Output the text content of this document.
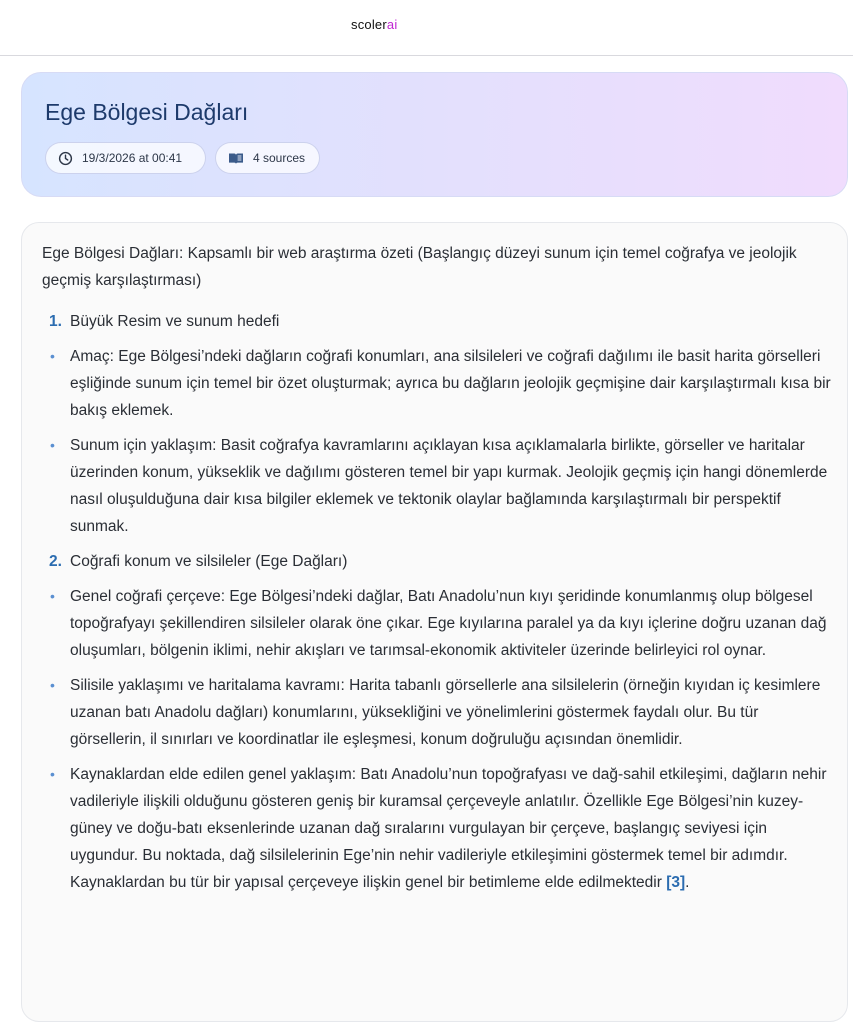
scolerai
Ege Bölgesi Dağları
19/3/2026 at 00:41	4 sources

Ege Bölgesi Dağları: Kapsamlı bir web araştırma özeti (Başlangıç düzeyi sunum için temel coğrafya ve jeolojik geçmiş karşılaştırması)

1. Büyük Resim ve sunum hedefi
• Amaç: Ege Bölgesi’ndeki dağların coğrafi konumları, ana silsileleri ve coğrafi dağılımı ile basit harita görselleri eşliğinde sunum için temel bir özet oluşturmak; ayrıca bu dağların jeolojik geçmişine dair karşılaştırmalı kısa bir bakış eklemek.
• Sunum için yaklaşım: Basit coğrafya kavramlarını açıklayan kısa açıklamalarla birlikte, görseller ve haritalar üzerinden konum, yükseklik ve dağılımı gösteren temel bir yapı kurmak. Jeolojik geçmiş için hangi dönemlerde nasıl oluşulduğuna dair kısa bilgiler eklemek ve tektonik olaylar bağlamında karşılaştırmalı bir perspektif sunmak.
2. Coğrafi konum ve silsileler (Ege Dağları)
• Genel coğrafi çerçeve: Ege Bölgesi’ndeki dağlar, Batı Anadolu’nun kıyı şeridinde konumlanmış olup bölgesel topoğrafyayı şekillendiren silsileler olarak öne çıkar. Ege kıyılarına paralel ya da kıyı içlerine doğru uzanan dağ oluşumları, bölgenin iklimi, nehir akışları ve tarımsal-ekonomik aktiviteler üzerinde belirleyici rol oynar.
• Silisile yaklaşımı ve haritalama kavramı: Harita tabanlı görsellerle ana silsilelerin (örneğin kıyıdan iç kesimlere uzanan batı Anadolu dağları) konumlarını, yüksekliğini ve yönelimlerini göstermek faydalı olur. Bu tür görsellerin, il sınırları ve koordinatlar ile eşleşmesi, konum doğruluğu açısından önemlidir.
• Kaynaklardan elde edilen genel yaklaşım: Batı Anadolu’nun topoğrafyası ve dağ-sahil etkileşimi, dağların nehir vadileriyle ilişkili olduğunu gösteren geniş bir kuramsal çerçeveyle anlatılır. Özellikle Ege Bölgesi’nin kuzey-güney ve doğu-batı eksenlerinde uzanan dağ sıralarını vurgulayan bir çerçeve, başlangıç seviyesi için uygundur. Bu noktada, dağ silsilelerinin Ege’nin nehir vadileriyle etkileşimini göstermek temel bir adımdır. Kaynaklardan bu tür bir yapısal çerçeveye ilişkin genel bir betimleme elde edilmektedir [3].
